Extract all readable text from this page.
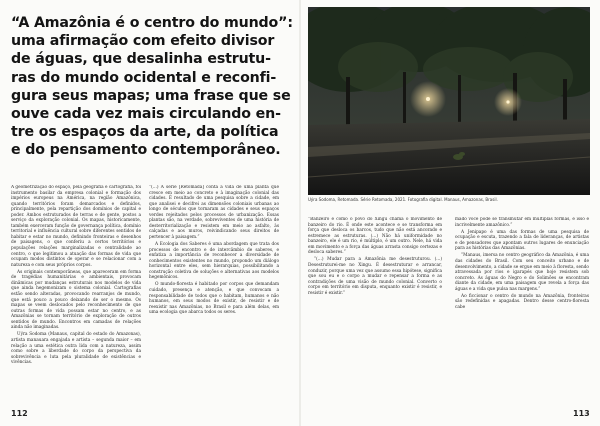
“A Amazônia é o centro do mundo”:
uma afirmação com efeito divisor
de águas, que desalinha estrutu-
ras do mundo ocidental e reconfi-
gura seus mapas; uma frase que se
ouve cada vez mais circulando en-
tre os espaços da arte, da política
e do pensamento contemporâneo.

A geometrização do espaço, pela geografia e cartografia, foi instrumento basilar da empresa colonial e formação dos impérios europeus na América, na região Amazônica, quando territórios foram demarcados e definidos, principalmente, pela repartição dos domínios de capital e poder. Ambos estruturados de terras e de gente, postos a serviço da exploração colonial. Os mapas, historicamente, também exerceram função de governança política, domínio territorial e influência cultural sobre diferentes sentidos de habitar e estar no mundo, definindo fronteiras e desenhos de paisagens, o que conferiu a certos territórios e populações relações marginalizadas e centralidade ao centro, o que legitimou a atuação das formas de vida que ocupam modos distintos de operar e se relacionar com a natureza e com seus próprios corpos.

As originais contemporâneas, que apareceram em forma de tragédias humanitárias e ambientais, provocam dinâmicas por mudanças estruturais nos modelos de vida que ainda hegemonizam o sistema colonial. Cartografias estão sendo alteradas, provocando rearranjos de mundo, que está pouco a pouco deixando de ser o mesmo. Os mapas se veem deslocados pelo reconhecimento de que outras formas de vida possam estar no centro, e as Amazônias se tornam território de exploração de outros sentidos de mundo. Encontros em camadas de relações ainda não imaginadas.

Uýra Sodoma (Manaus, capital do estado do Amazonas), artista manauara engajada e artista – segunda maior – em relação a uma estética outra lida com a natureza, assim como sobre a liberdade do corpo da perspectiva da sobrevivência e luta pela pluralidade de existências e vivências.

“(...) A série [Retomada] conta a vida de uma planta que cresce em meio ao concreto e à imaginação colonial das cidades. É resultado de uma pesquisa sobre a cidade, em que analisei e decifrei as dimensões coloniais urbanas ao longo de séculos que tornaram as cidades e seus espaços verdes rejeitados pelos processos de urbanização. Essas plantas são, na verdade, sobreviventes de uma história de desterritorialização e resistem em meio ao asfalto, às calçadas e aos muros, reivindicando seus direitos de pertencer à paisagem.”

A Ecologia dos Saberes é uma abordagem que trata dos processos de encontro e de intercâmbio de saberes, e enfatiza a importância de reconhecer a diversidade de conhecimentos existentes no mundo, propondo um diálogo horizontal entre eles, sem hierarquias, possibilitando a construção coletiva de soluções e alternativas aos modelos hegemônicos.

O mundo-floresta é habitado por corpos que demandam cuidado, presença e atenção, e que convocam a responsabilidade de todos que o habitam, humanos e não humanos, em seus modos de existir, de resistir e de reexistir nas Amazônias, no Brasil e para além delas, em uma ecologia que abarca todos os seres.

112
Uýra Sodoma, Retomada. Série Retomada, 2021. Fotografia digital. Manaus, Amazonas, Brasil.

“Banzeiro é como o povo do Xingu chama o movimento de banzeiro do rio. É onde este acontece e se transforma em força que desloca os barcos, tudo que não está ancorado e estremece as estruturas. (...) Não há uniformidade no banzeiro, ele é um rio, é múltiplo, é um outro. Nele, há vida em movimento e a força das águas arrasta consigo certezas e desloca saberes.”

“(...) Mudar para a Amazônia me desestruturou. (...) Desestruturei-me no Xingu. É desestruturar e arrancar, conduzir, porque uma vez que assumo essa hipótese, significa que sou eu e o corpo a mudar e repensar a forma e as contradições de uma visão de mundo colonial. Converto o corpo em território em disputa, enquanto existir é resistir, e resistir é existir.”

mado você pode se transmutar em múltiplas formas, e isso é incrivelmente amazônico.”

A Jenipapo é uma das formas de uma pesquisa de ocupação e escuta, trazendo a fala de lideranças, de artistas e de pensadores que apontam outros lugares de enunciação para as histórias das Amazônias.

“Manaus, imersa no centro geográfico da Amazônia, é uma das cidades do Brasil. Com seu conceito urbano e de desenvolvimento, a cidade se ergue em meio à floresta, sendo atravessada por rios e igarapés que hoje resistem sob concreto. As águas do Negro e do Solimões se encontram diante da cidade, em uma paisagem que revela a força das águas e a vida que pulsa nas margens.”

Ao ficcionar o centro do mundo na Amazônia, fronteiras são redefinidas e apagadas. Dentro desse centro-floresta cabe

113
